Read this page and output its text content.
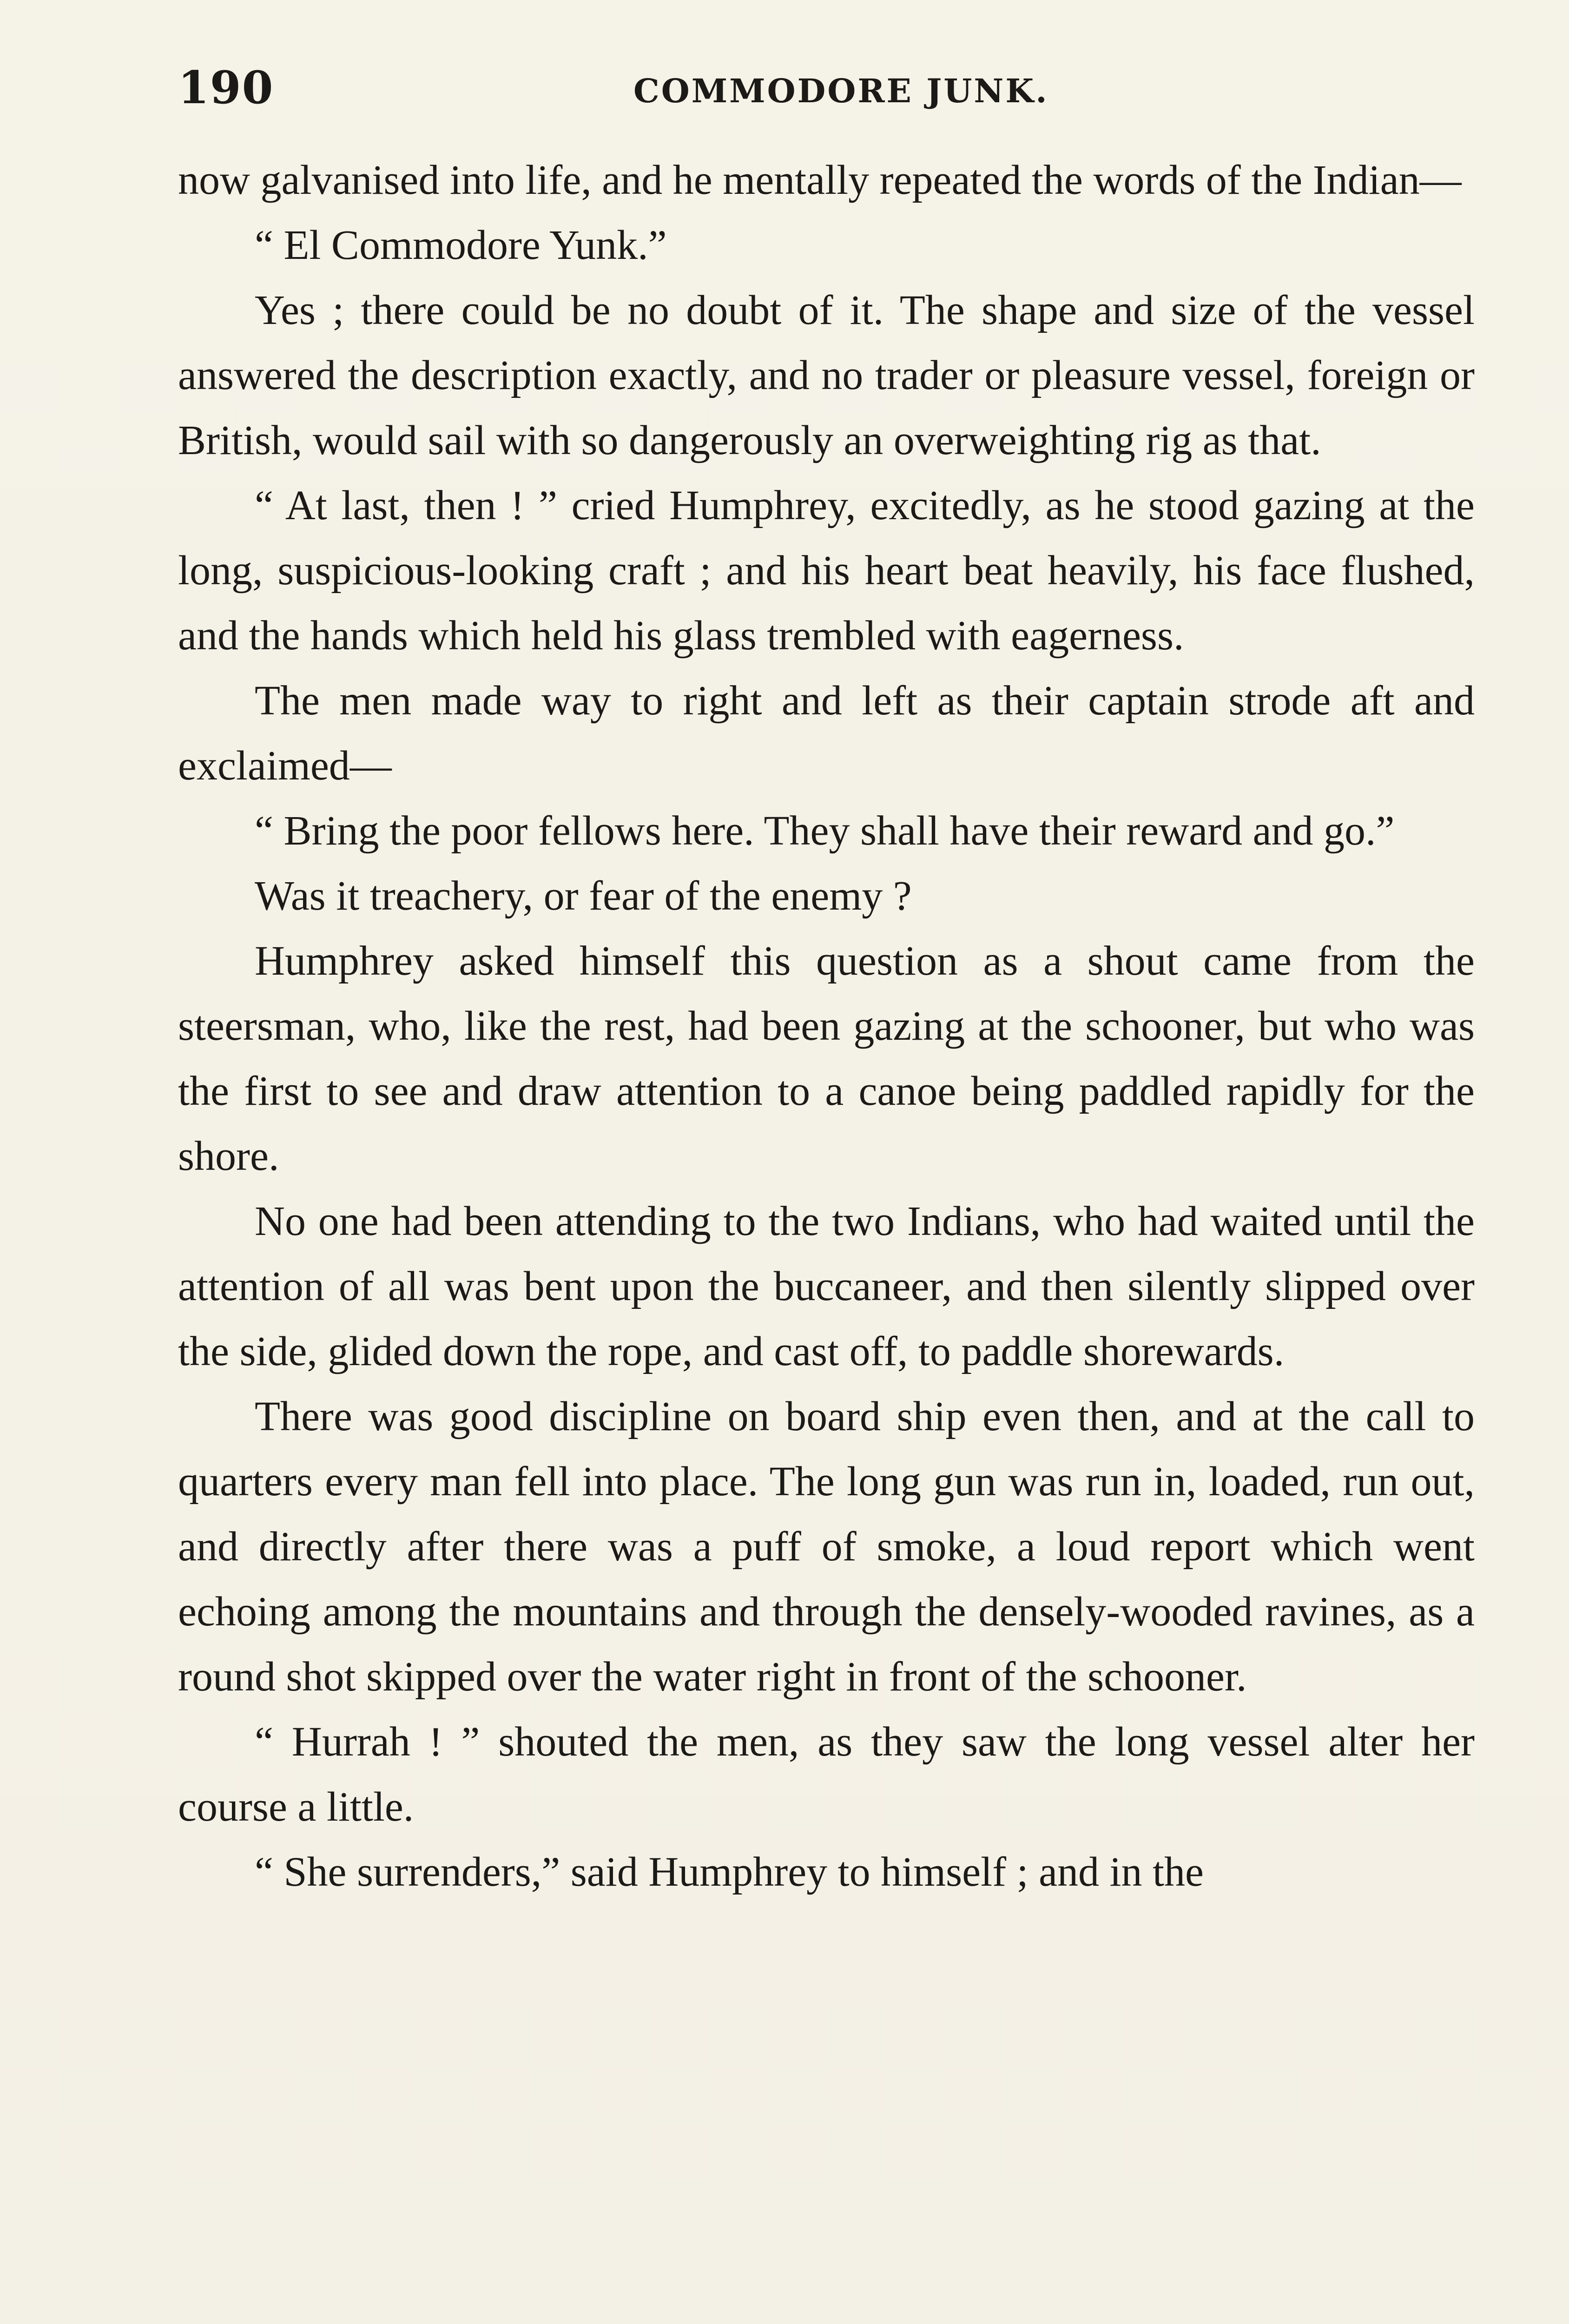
190	COMMODORE JUNK.

now galvanised into life, and he mentally repeated the words of the Indian—

“ El Commodore Yunk.”

Yes ; there could be no doubt of it. The shape and size of the vessel answered the description exactly, and no trader or pleasure vessel, foreign or British, would sail with so dangerously an overweighting rig as that.

“ At last, then ! ” cried Humphrey, excitedly, as he stood gazing at the long, suspicious-looking craft ; and his heart beat heavily, his face flushed, and the hands which held his glass trembled with eagerness.

The men made way to right and left as their captain strode aft and exclaimed—

“ Bring the poor fellows here. They shall have their reward and go.”

Was it treachery, or fear of the enemy ?

Humphrey asked himself this question as a shout came from the steersman, who, like the rest, had been gazing at the schooner, but who was the first to see and draw attention to a canoe being paddled rapidly for the shore.

No one had been attending to the two Indians, who had waited until the attention of all was bent upon the buccaneer, and then silently slipped over the side, glided down the rope, and cast off, to paddle shorewards.

There was good discipline on board ship even then, and at the call to quarters every man fell into place. The long gun was run in, loaded, run out, and directly after there was a puff of smoke, a loud report which went echoing among the mountains and through the densely-wooded ravines, as a round shot skipped over the water right in front of the schooner.

“ Hurrah ! ” shouted the men, as they saw the long vessel alter her course a little.

“ She surrenders,” said Humphrey to himself ; and in the
